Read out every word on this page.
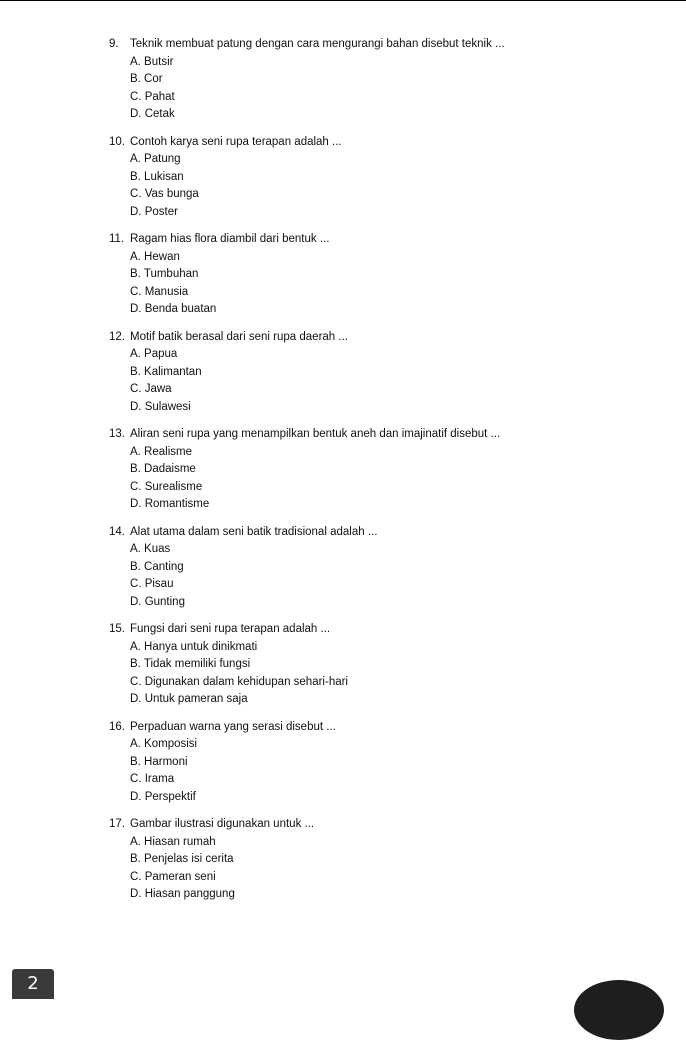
9. Teknik membuat patung dengan cara mengurangi bahan disebut teknik ...
A. Butsir
B. Cor
C. Pahat
D. Cetak
10. Contoh karya seni rupa terapan adalah ...
A. Patung
B. Lukisan
C. Vas bunga
D. Poster
11. Ragam hias flora diambil dari bentuk ...
A. Hewan
B. Tumbuhan
C. Manusia
D. Benda buatan
12. Motif batik berasal dari seni rupa daerah ...
A. Papua
B. Kalimantan
C. Jawa
D. Sulawesi
13. Aliran seni rupa yang menampilkan bentuk aneh dan imajinatif disebut ...
A. Realisme
B. Dadaisme
C. Surealisme
D. Romantisme
14. Alat utama dalam seni batik tradisional adalah ...
A. Kuas
B. Canting
C. Pisau
D. Gunting
15. Fungsi dari seni rupa terapan adalah ...
A. Hanya untuk dinikmati
B. Tidak memiliki fungsi
C. Digunakan dalam kehidupan sehari-hari
D. Untuk pameran saja
16. Perpaduan warna yang serasi disebut ...
A. Komposisi
B. Harmoni
C. Irama
D. Perspektif
17. Gambar ilustrasi digunakan untuk ...
A. Hiasan rumah
B. Penjelas isi cerita
C. Pameran seni
D. Hiasan panggung
2
